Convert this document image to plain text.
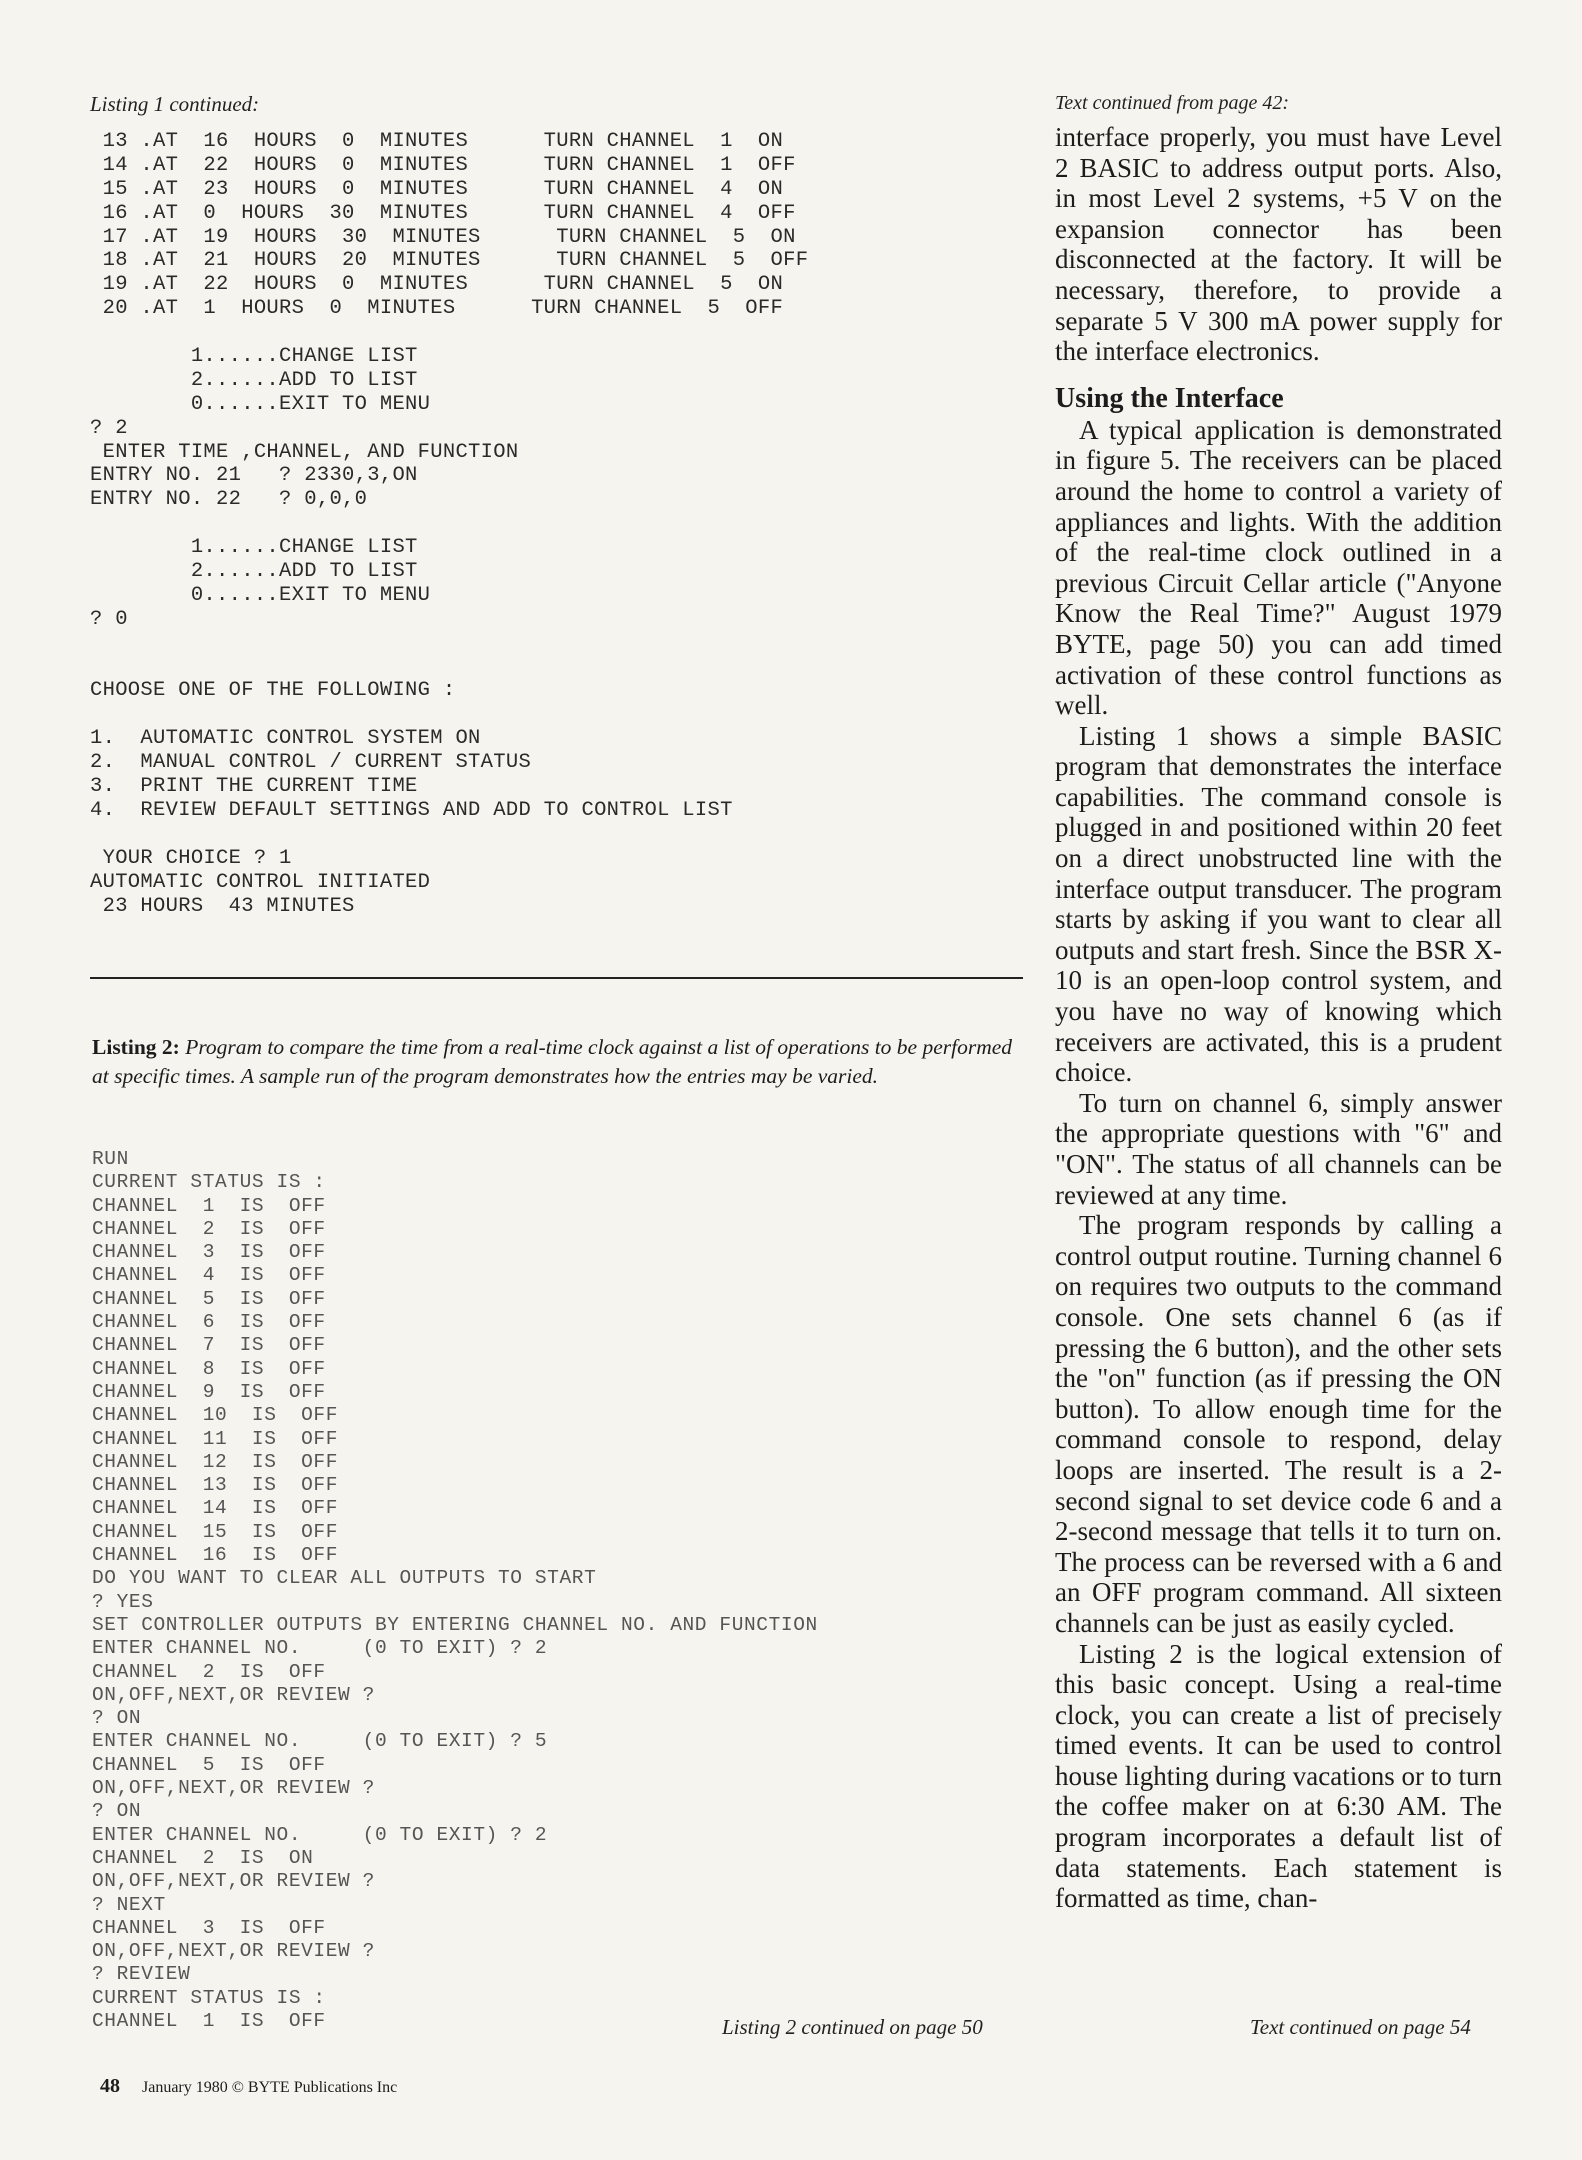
Listing 1 continued:
13 .AT  16  HOURS  0  MINUTES      TURN CHANNEL  1  ON
14 .AT  22  HOURS  0  MINUTES      TURN CHANNEL  1  OFF
15 .AT  23  HOURS  0  MINUTES      TURN CHANNEL  4  ON
16 .AT  0  HOURS  30  MINUTES      TURN CHANNEL  4  OFF
17 .AT  19  HOURS  30  MINUTES      TURN CHANNEL  5  ON
18 .AT  21  HOURS  20  MINUTES      TURN CHANNEL  5  OFF
19 .AT  22  HOURS  0  MINUTES      TURN CHANNEL  5  ON
20 .AT  1  HOURS  0  MINUTES      TURN CHANNEL  5  OFF
1......CHANGE LIST
2......ADD TO LIST
0......EXIT TO MENU
? 2
ENTER TIME ,CHANNEL, AND FUNCTION
ENTRY NO. 21   ? 2330,3,ON
ENTRY NO. 22   ? 0,0,0
1......CHANGE LIST
2......ADD TO LIST
0......EXIT TO MENU
? 0
CHOOSE ONE OF THE FOLLOWING :
1.  AUTOMATIC CONTROL SYSTEM ON
2.  MANUAL CONTROL / CURRENT STATUS
3.  PRINT THE CURRENT TIME
4.  REVIEW DEFAULT SETTINGS AND ADD TO CONTROL LIST
YOUR CHOICE ? 1
AUTOMATIC CONTROL INITIATED
23 HOURS  43 MINUTES
Listing 2: Program to compare the time from a real-time clock against a list of operations to be performed at specific times. A sample run of the program demonstrates how the entries may be varied.
RUN
CURRENT STATUS IS :
CHANNEL  1  IS  OFF
CHANNEL  2  IS  OFF
CHANNEL  3  IS  OFF
CHANNEL  4  IS  OFF
CHANNEL  5  IS  OFF
CHANNEL  6  IS  OFF
CHANNEL  7  IS  OFF
CHANNEL  8  IS  OFF
CHANNEL  9  IS  OFF
CHANNEL  10  IS  OFF
CHANNEL  11  IS  OFF
CHANNEL  12  IS  OFF
CHANNEL  13  IS  OFF
CHANNEL  14  IS  OFF
CHANNEL  15  IS  OFF
CHANNEL  16  IS  OFF
DO YOU WANT TO CLEAR ALL OUTPUTS TO START
? YES
SET CONTROLLER OUTPUTS BY ENTERING CHANNEL NO. AND FUNCTION
ENTER CHANNEL NO.     (0 TO EXIT) ? 2
CHANNEL  2  IS  OFF
ON,OFF,NEXT,OR REVIEW ?
? ON
ENTER CHANNEL NO.     (0 TO EXIT) ? 5
CHANNEL  5  IS  OFF
ON,OFF,NEXT,OR REVIEW ?
? ON
ENTER CHANNEL NO.     (0 TO EXIT) ? 2
CHANNEL  2  IS  ON
ON,OFF,NEXT,OR REVIEW ?
? NEXT
CHANNEL  3  IS  OFF
ON,OFF,NEXT,OR REVIEW ?
? REVIEW
CURRENT STATUS IS :
CHANNEL  1  IS  OFF	Listing 2 continued on page 50
Text continued from page 42:

interface properly, you must have Level 2 BASIC to address output ports. Also, in most Level 2 systems, +5 V on the expansion connector has been disconnected at the factory. It will be necessary, therefore, to provide a separate 5 V 300 mA power supply for the interface electronics.

Using the Interface

A typical application is demonstrated in figure 5. The receivers can be placed around the home to control a variety of appliances and lights. With the addition of the real-time clock outlined in a previous Circuit Cellar article ("Anyone Know the Real Time?" August 1979 BYTE, page 50) you can add timed activation of these control functions as well.

Listing 1 shows a simple BASIC program that demonstrates the interface capabilities. The command console is plugged in and positioned within 20 feet on a direct unobstructed line with the interface output transducer. The program starts by asking if you want to clear all outputs and start fresh. Since the BSR X-10 is an open-loop control system, and you have no way of knowing which receivers are activated, this is a prudent choice.

To turn on channel 6, simply answer the appropriate questions with "6" and "ON". The status of all channels can be reviewed at any time.

The program responds by calling a control output routine. Turning channel 6 on requires two outputs to the command console. One sets channel 6 (as if pressing the 6 button), and the other sets the "on" function (as if pressing the ON button). To allow enough time for the command console to respond, delay loops are inserted. The result is a 2-second signal to set device code 6 and a 2-second message that tells it to turn on. The process can be reversed with a 6 and an OFF program command. All sixteen channels can be just as easily cycled.

Listing 2 is the logical extension of this basic concept. Using a real-time clock, you can create a list of precisely timed events. It can be used to control house lighting during vacations or to turn the coffee maker on at 6:30 AM. The program incorporates a default list of data statements. Each statement is formatted as time, chan-

Text continued on page 54
48 January 1980 © BYTE Publications Inc
